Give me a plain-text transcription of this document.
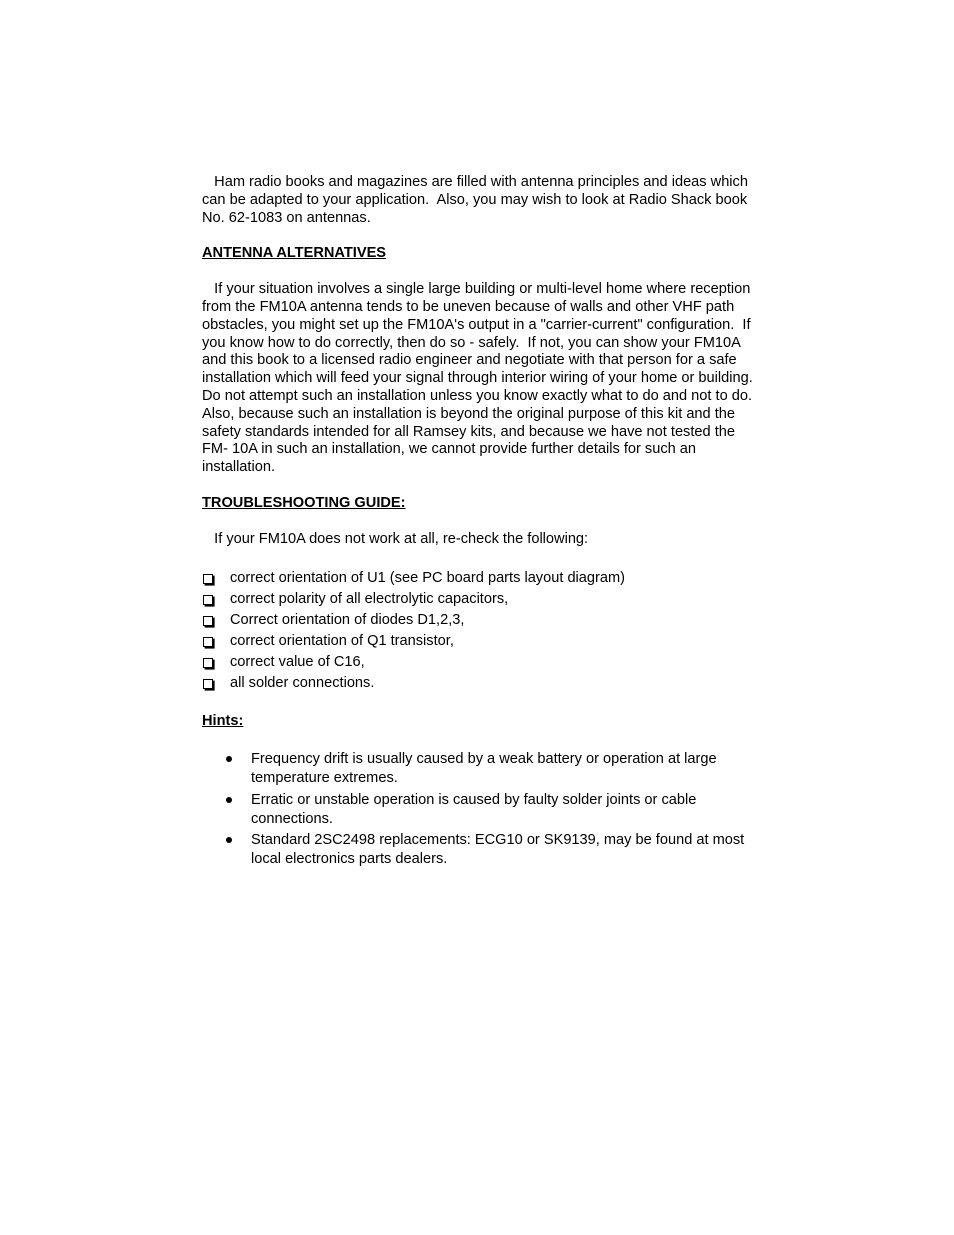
Ham radio books and magazines are filled with antenna principles and ideas which can be adapted to your application.  Also, you may wish to look at Radio Shack book No. 62-1083 on antennas.

ANTENNA ALTERNATIVES

If your situation involves a single large building or multi-level home where reception from the FM10A antenna tends to be uneven because of walls and other VHF path obstacles, you might set up the FM10A's output in a "carrier-current" configuration.  If you know how to do correctly, then do so - safely.  If not, you can show your FM10A and this book to a licensed radio engineer and negotiate with that person for a safe installation which will feed your signal through interior wiring of your home or building.  Do not attempt such an installation unless you know exactly what to do and not to do.  Also, because such an installation is beyond the original purpose of this kit and the safety standards intended for all Ramsey kits, and because we have not tested the FM- 10A in such an installation, we cannot provide further details for such an installation.

TROUBLESHOOTING GUIDE:

If your FM10A does not work at all, re-check the following:

correct orientation of U1 (see PC board parts layout diagram)
correct polarity of all electrolytic capacitors,
Correct orientation of diodes D1,2,3,
correct orientation of Q1 transistor,
correct value of C16,
all solder connections.

Hints:

Frequency drift is usually caused by a weak battery or operation at large temperature extremes.
Erratic or unstable operation is caused by faulty solder joints or cable connections.
Standard 2SC2498 replacements: ECG10 or SK9139, may be found at most local electronics parts dealers.
